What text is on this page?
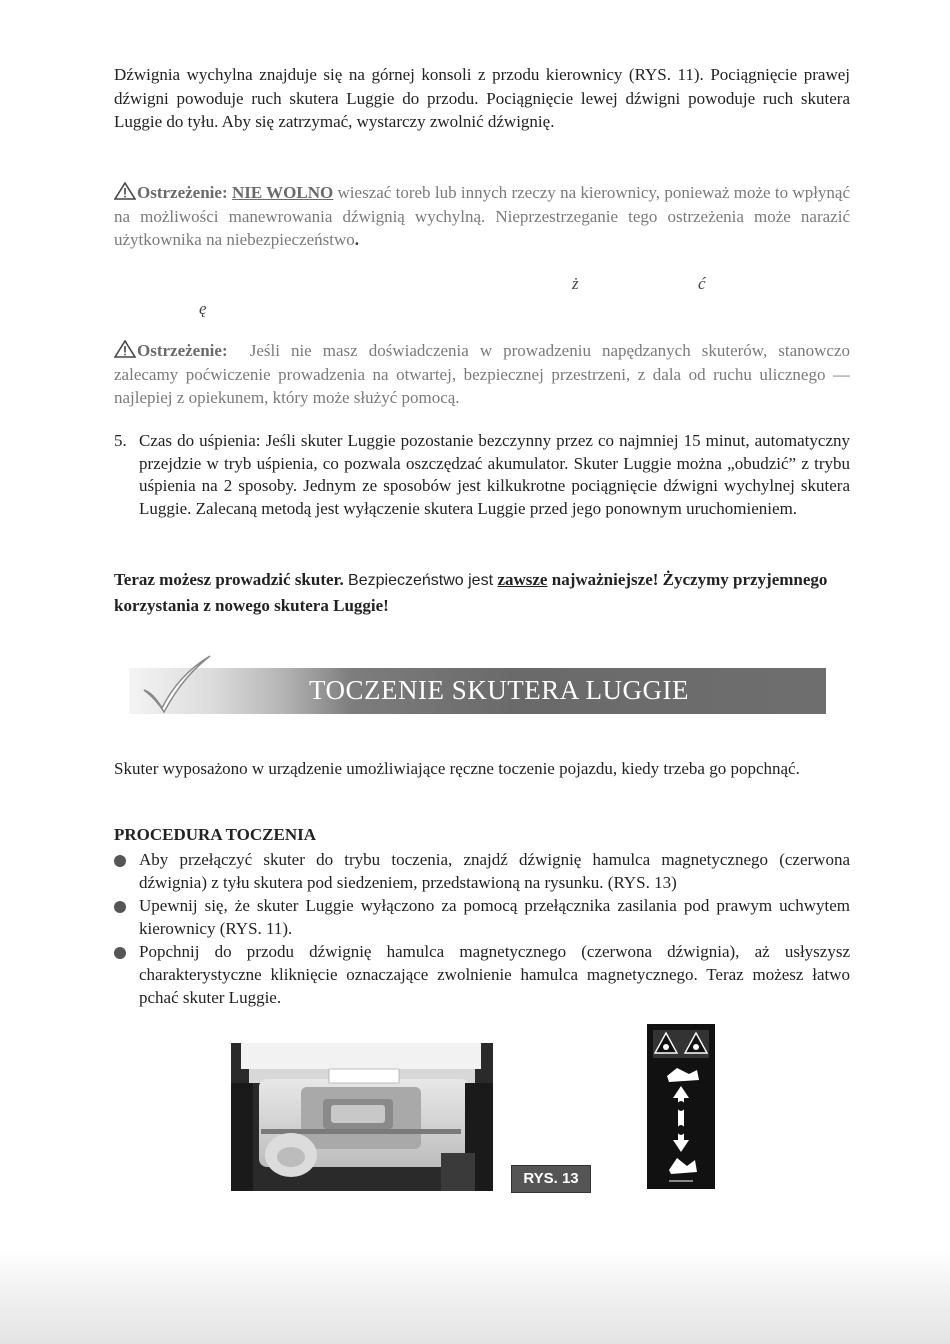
Dźwignia wychylna znajduje się na górnej konsoli z przodu kierownicy (RYS. 11). Pociągnięcie prawej dźwigni powoduje ruch skutera Luggie do przodu. Pociągnięcie lewej dźwigni powoduje ruch skutera Luggie do tyłu. Aby się zatrzymać, wystarczy zwolnić dźwignię.

Ostrzeżenie: NIE WOLNO wieszać toreb lub innych rzeczy na kierownicy, ponieważ może to wpłynąć na możliwości manewrowania dźwignią wychylną. Nieprzestrzeganie tego ostrzeżenia może narazić użytkownika na niebezpieczeństwo.

ż	ć
ę

Ostrzeżenie: Jeśli nie masz doświadczenia w prowadzeniu napędzanych skuterów, stanowczo zalecamy poćwiczenie prowadzenia na otwartej, bezpiecznej przestrzeni, z dala od ruchu ulicznego — najlepiej z opiekunem, który może służyć pomocą.

5. Czas do uśpienia: Jeśli skuter Luggie pozostanie bezczynny przez co najmniej 15 minut, automatyczny przejdzie w tryb uśpienia, co pozwala oszczędzać akumulator. Skuter Luggie można „obudzić” z trybu uśpienia na 2 sposoby. Jednym ze sposobów jest kilkukrotne pociągnięcie dźwigni wychylnej skutera Luggie. Zalecaną metodą jest wyłączenie skutera Luggie przed jego ponownym uruchomieniem.

Teraz możesz prowadzić skuter. Bezpieczeństwo jest zawsze najważniejsze! Życzymy przyjemnego korzystania z nowego skutera Luggie!
TOCZENIE SKUTERA LUGGIE

Skuter wyposażono w urządzenie umożliwiające ręczne toczenie pojazdu, kiedy trzeba go popchnąć.

PROCEDURA TOCZENIA
Aby przełączyć skuter do trybu toczenia, znajdź dźwignię hamulca magnetycznego (czerwona dźwignia) z tyłu skutera pod siedzeniem, przedstawioną na rysunku. (RYS. 13)
Upewnij się, że skuter Luggie wyłączono za pomocą przełącznika zasilania pod prawym uchwytem kierownicy (RYS. 11).
Popchnij do przodu dźwignię hamulca magnetycznego (czerwona dźwignia), aż usłyszysz charakterystyczne kliknięcie oznaczające zwolnienie hamulca magnetycznego. Teraz możesz łatwo pchać skuter Luggie.
RYS. 13
